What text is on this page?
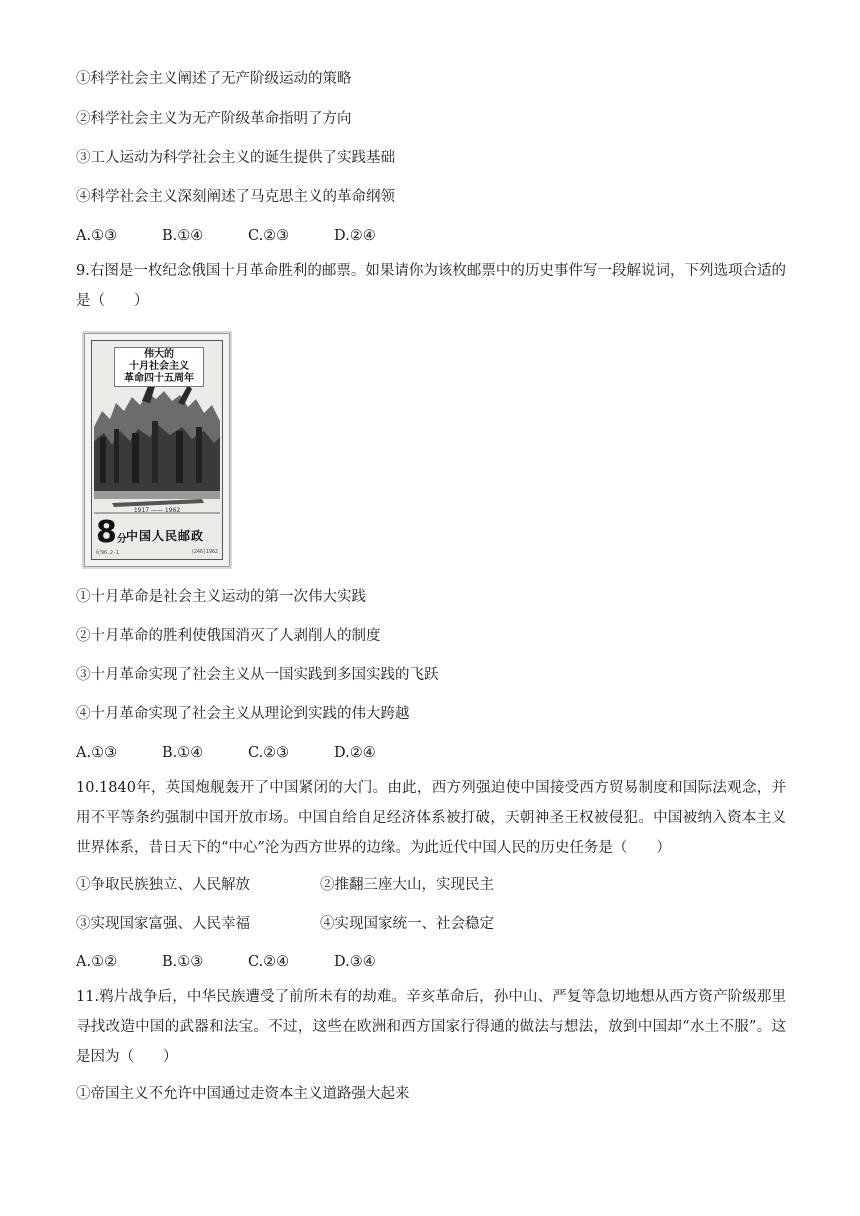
①科学社会主义阐述了无产阶级运动的策略
②科学社会主义为无产阶级革命指明了方向
③工人运动为科学社会主义的诞生提供了实践基础
④科学社会主义深刻阐述了马克思主义的革命纲领
A.①③	B.①④	C.②③	D.②④
9.右图是一枚纪念俄国十月革命胜利的邮票。如果请你为该枚邮票中的历史事件写一段解说词，下列选项合适的是（　　）
伟大的
十月社会主义
革命四十五周年
1917 —— 1962
8分 中国人民邮政
纪96.2-1	(246)1962
①十月革命是社会主义运动的第一次伟大实践
②十月革命的胜利使俄国消灭了人剥削人的制度
③十月革命实现了社会主义从一国实践到多国实践的飞跃
④十月革命实现了社会主义从理论到实践的伟大跨越
A.①③	B.①④	C.②③	D.②④
10.1840年，英国炮舰轰开了中国紧闭的大门。由此，西方列强迫使中国接受西方贸易制度和国际法观念，并用不平等条约强制中国开放市场。中国自给自足经济体系被打破，天朝神圣王权被侵犯。中国被纳入资本主义世界体系，昔日天下的“中心”沦为西方世界的边缘。为此近代中国人民的历史任务是（　　）
①争取民族独立、人民解放	②推翻三座大山，实现民主
③实现国家富强、人民幸福	④实现国家统一、社会稳定
A.①②	B.①③	C.②④	D.③④
11.鸦片战争后，中华民族遭受了前所未有的劫难。辛亥革命后，孙中山、严复等急切地想从西方资产阶级那里寻找改造中国的武器和法宝。不过，这些在欧洲和西方国家行得通的做法与想法，放到中国却“水土不服”。这是因为（　　）
①帝国主义不允许中国通过走资本主义道路强大起来
